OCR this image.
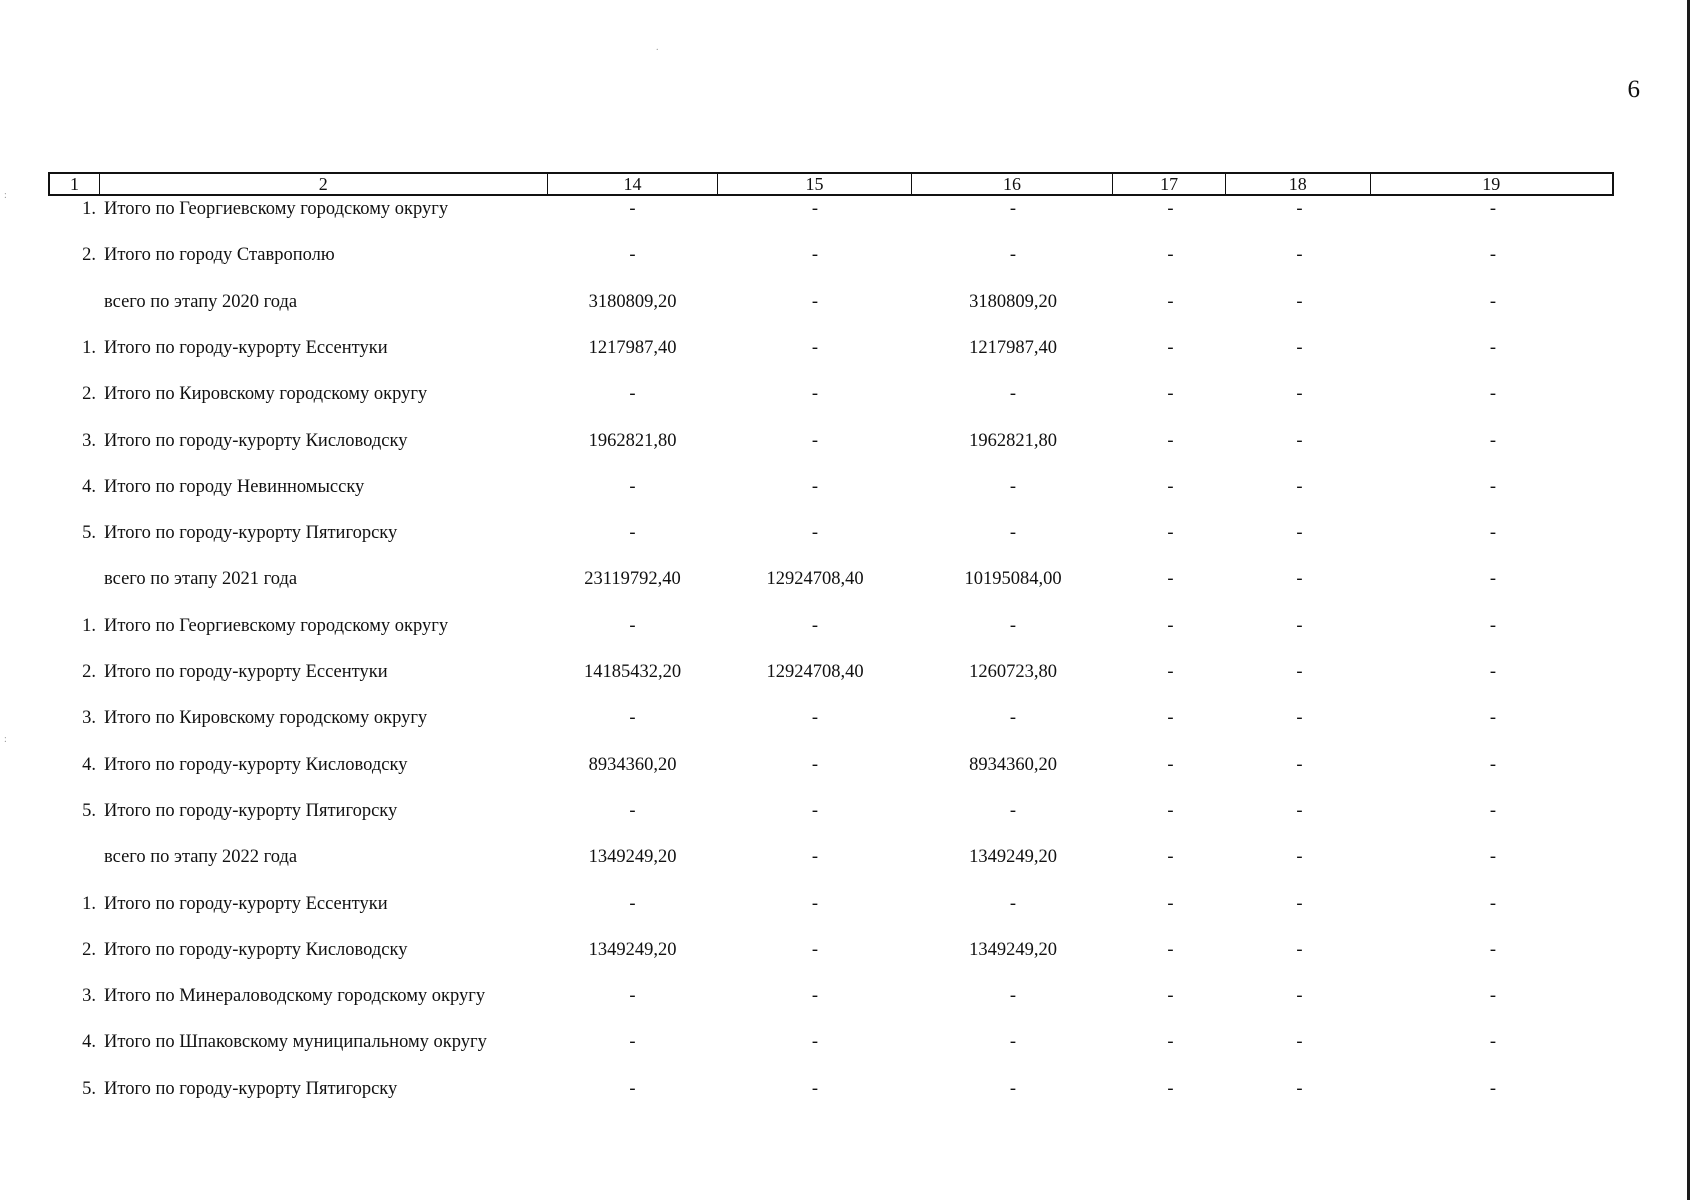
.
:
:
6
1	2	14	15	16	17	18	19
1. Итого по Георгиевскому городскому округу	-	-	-	-	-	-
2. Итого по городу Ставрополю	-	-	-	-	-	-
всего по этапу 2020 года	3180809,20	-	3180809,20	-	-	-
1. Итого по городу-курорту Ессентуки	1217987,40	-	1217987,40	-	-	-
2. Итого по Кировскому городскому округу	-	-	-	-	-	-
3. Итого по городу-курорту Кисловодску	1962821,80	-	1962821,80	-	-	-
4. Итого по городу Невинномысску	-	-	-	-	-	-
5. Итого по городу-курорту Пятигорску	-	-	-	-	-	-
всего по этапу 2021 года	23119792,40	12924708,40	10195084,00	-	-	-
1. Итого по Георгиевскому городскому округу	-	-	-	-	-	-
2. Итого по городу-курорту Ессентуки	14185432,20	12924708,40	1260723,80	-	-	-
3. Итого по Кировскому городскому округу	-	-	-	-	-	-
4. Итого по городу-курорту Кисловодску	8934360,20	-	8934360,20	-	-	-
5. Итого по городу-курорту Пятигорску	-	-	-	-	-	-
всего по этапу 2022 года	1349249,20	-	1349249,20	-	-	-
1. Итого по городу-курорту Ессентуки	-	-	-	-	-	-
2. Итого по городу-курорту Кисловодску	1349249,20	-	1349249,20	-	-	-
3. Итого по Минераловодскому городскому округу	-	-	-	-	-	-
4. Итого по Шпаковскому муниципальному округу	-	-	-	-	-	-
5. Итого по городу-курорту Пятигорску	-	-	-	-	-	-
